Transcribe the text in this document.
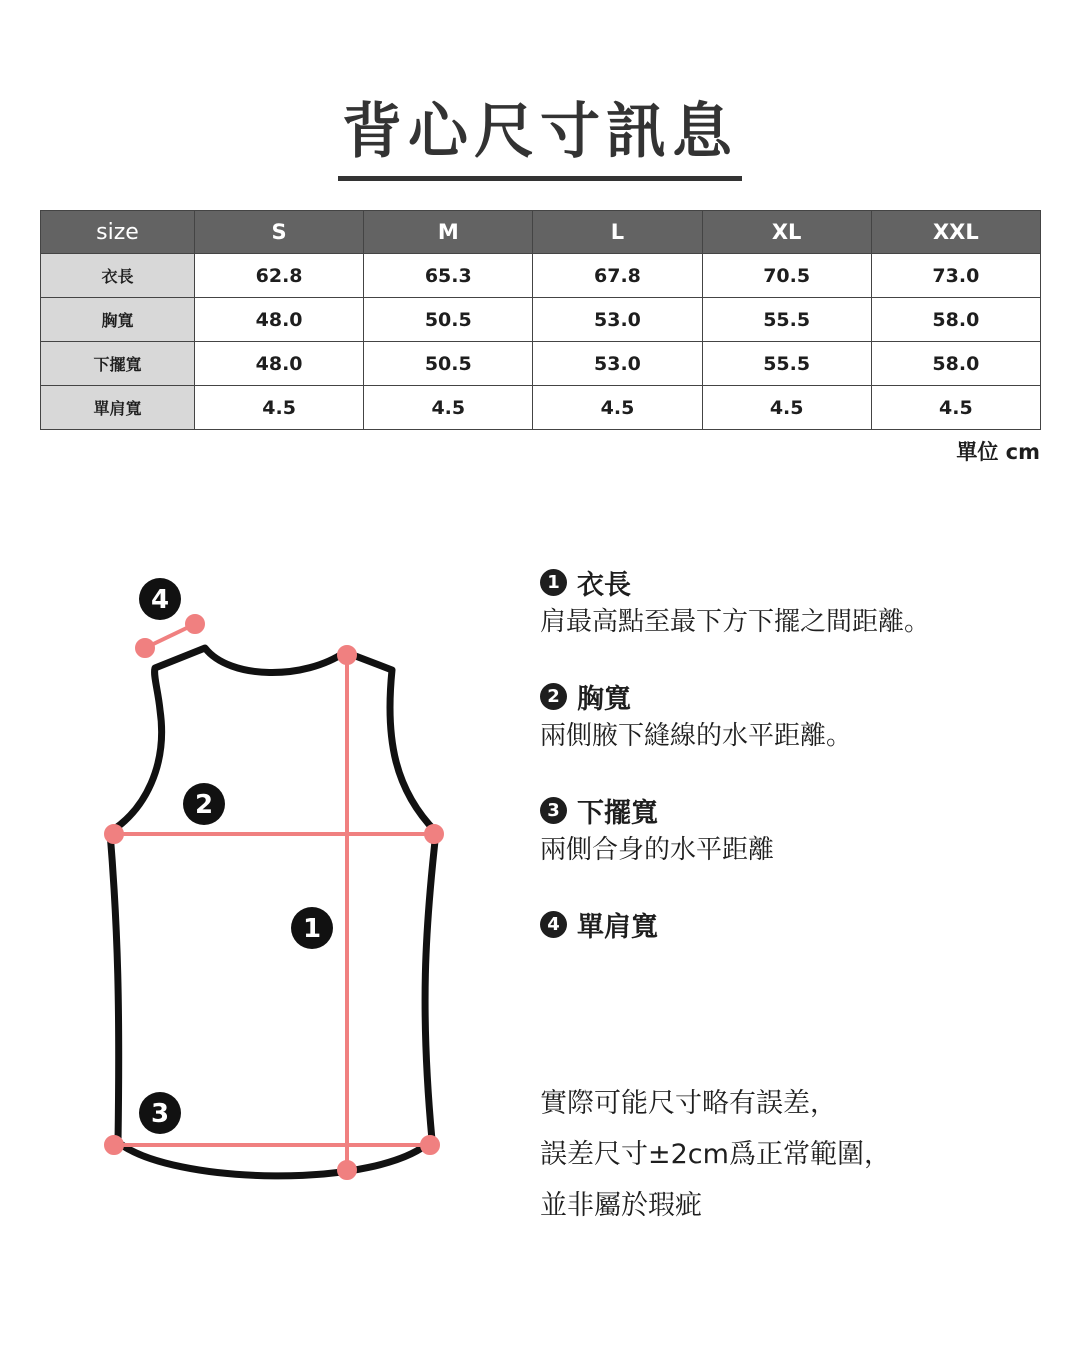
背心尺寸訊息
size	S	M	L	XL	XXL
衣長	62.8	65.3	67.8	70.5	73.0
胸寬	48.0	50.5	53.0	55.5	58.0
下擺寬	48.0	50.5	53.0	55.5	58.0
單肩寬	4.5	4.5	4.5	4.5	4.5
單位 cm
1
2
3
4
1 衣長
肩最高點至最下方下擺之間距離。
2 胸寬
兩側腋下縫線的水平距離。
3 下擺寬
兩側合身的水平距離
4 單肩寬
實際可能尺寸略有誤差，
誤差尺寸±2cm爲正常範圍，
並非屬於瑕疵
